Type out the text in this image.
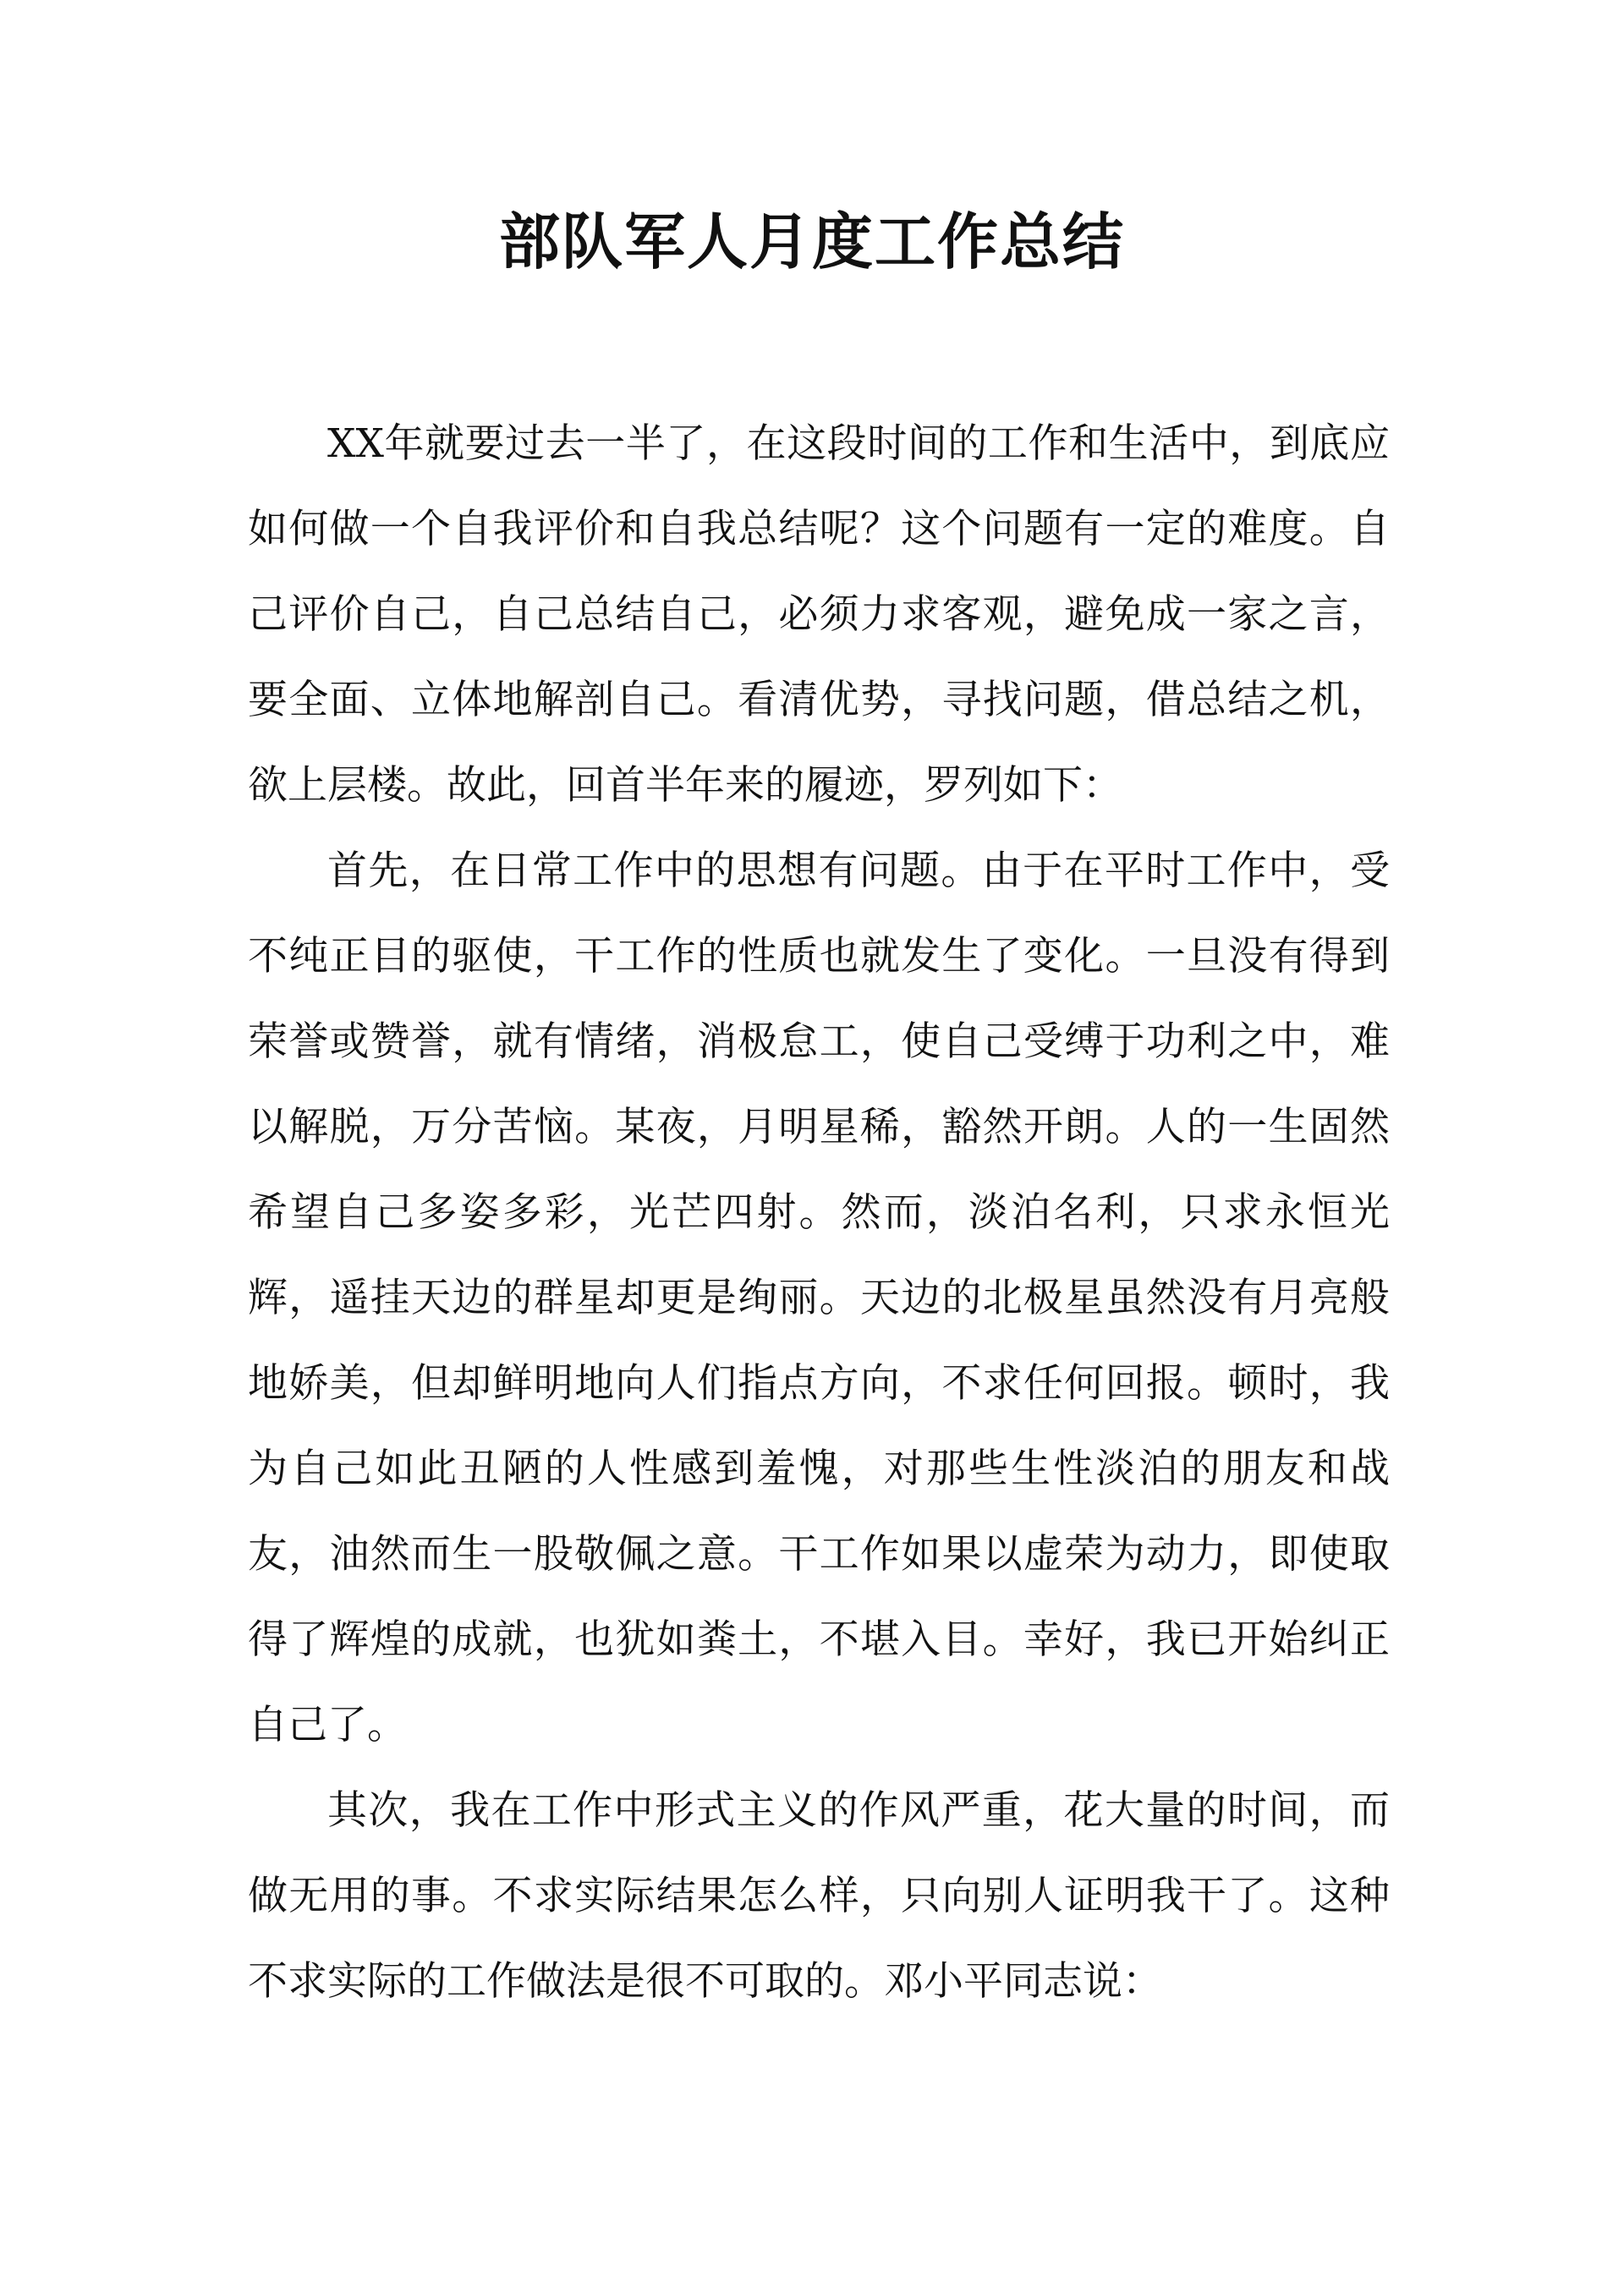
部队军人月度工作总结

XX年就要过去一半了，在这段时间的工作和生活中，到底应如何做一个自我评价和自我总结呢？这个问题有一定的难度。自己评价自己，自己总结自己，必须力求客观，避免成一家之言，要全面、立体地解剖自己。看清优势，寻找问题，借总结之机，欲上层楼。故此，回首半年来的履迹，罗列如下：

首先，在日常工作中的思想有问题。由于在平时工作中，受不纯正目的驱使，干工作的性质也就发生了变化。一旦没有得到荣誉或赞誉，就有情绪，消极怠工，使自己受缚于功利之中，难以解脱，万分苦恼。某夜，月明星稀，豁然开朗。人的一生固然希望自己多姿多彩，光芒四射。然而，淡泊名利，只求永恒光辉，遥挂天边的群星却更是绚丽。天边的北极星虽然没有月亮般地娇美，但却鲜明地向人们指点方向，不求任何回报。顿时，我为自己如此丑陋的人性感到羞愧，对那些生性淡泊的朋友和战友，油然而生一股敬佩之意。干工作如果以虚荣为动力，即使取得了辉煌的成就，也犹如粪土，不堪入目。幸好，我已开始纠正自己了。

其次，我在工作中形式主义的作风严重，花大量的时间，而做无用的事。不求实际结果怎么样，只向别人证明我干了。这种不求实际的工作做法是很不可取的。邓小平同志说：
